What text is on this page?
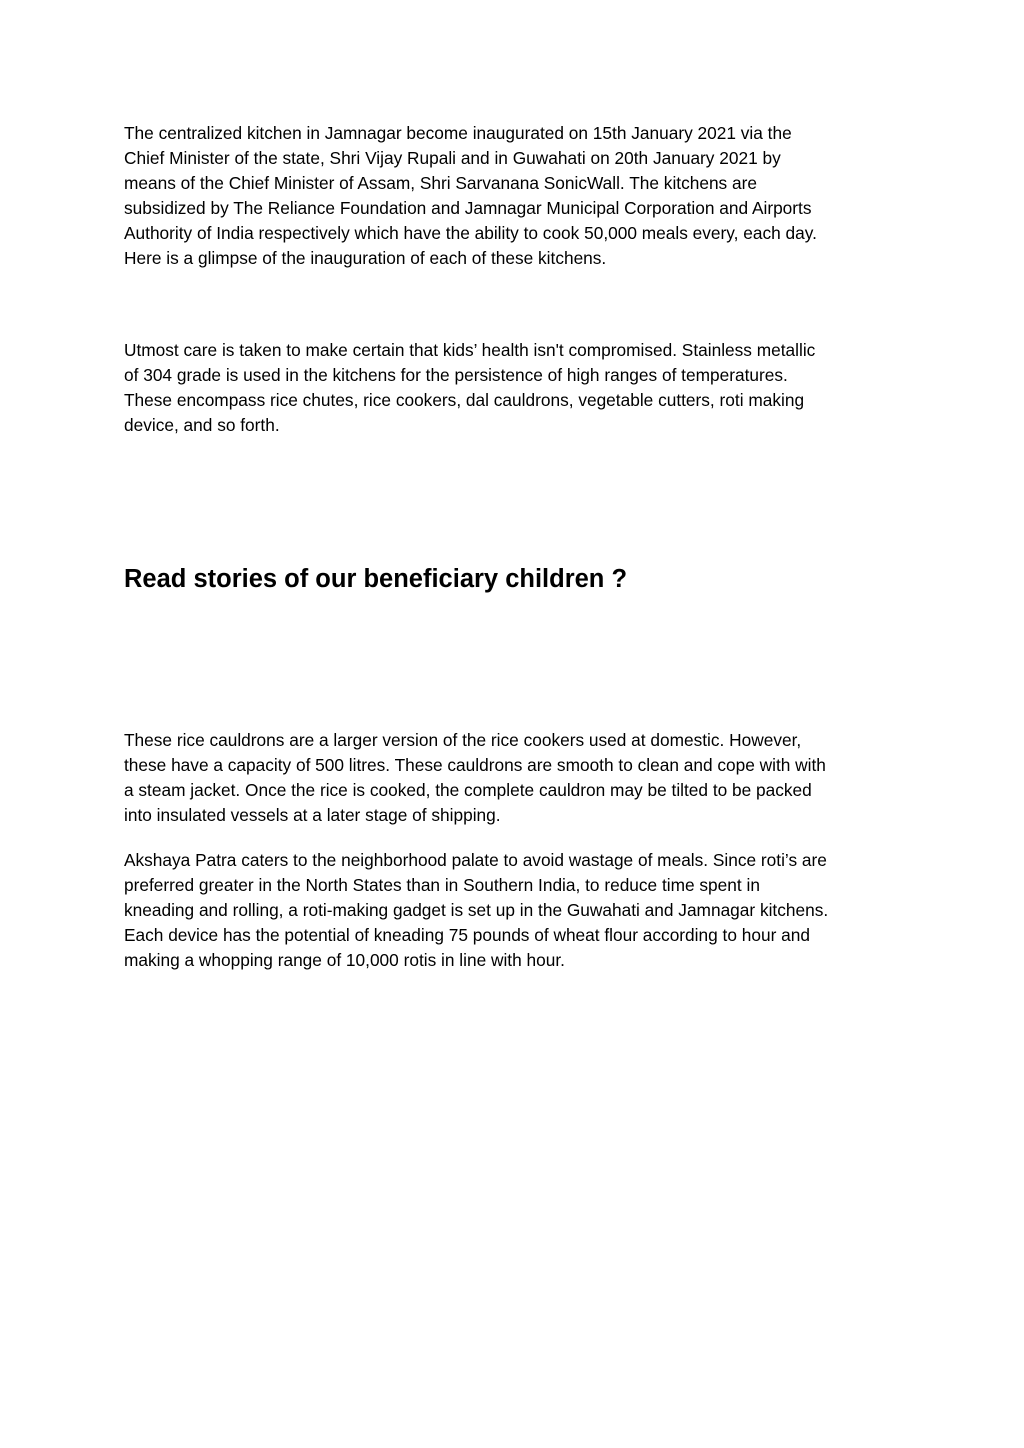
The centralized kitchen in Jamnagar become inaugurated on 15th January 2021 via the
Chief Minister of the state, Shri Vijay Rupali and in Guwahati on 20th January 2021 by
means of the Chief Minister of Assam, Shri Sarvanana SonicWall. The kitchens are
subsidized by The Reliance Foundation and Jamnagar Municipal Corporation and Airports
Authority of India respectively which have the ability to cook 50,000 meals every, each day.
Here is a glimpse of the inauguration of each of these kitchens.

Utmost care is taken to make certain that kids’ health isn't compromised. Stainless metallic
of 304 grade is used in the kitchens for the persistence of high ranges of temperatures.
These encompass rice chutes, rice cookers, dal cauldrons, vegetable cutters, roti making
device, and so forth.

Read stories of our beneficiary children ?

These rice cauldrons are a larger version of the rice cookers used at domestic. However,
these have a capacity of 500 litres. These cauldrons are smooth to clean and cope with with
a steam jacket. Once the rice is cooked, the complete cauldron may be tilted to be packed
into insulated vessels at a later stage of shipping.

Akshaya Patra caters to the neighborhood palate to avoid wastage of meals. Since roti’s are
preferred greater in the North States than in Southern India, to reduce time spent in
kneading and rolling, a roti-making gadget is set up in the Guwahati and Jamnagar kitchens.
Each device has the potential of kneading 75 pounds of wheat flour according to hour and
making a whopping range of 10,000 rotis in line with hour.
